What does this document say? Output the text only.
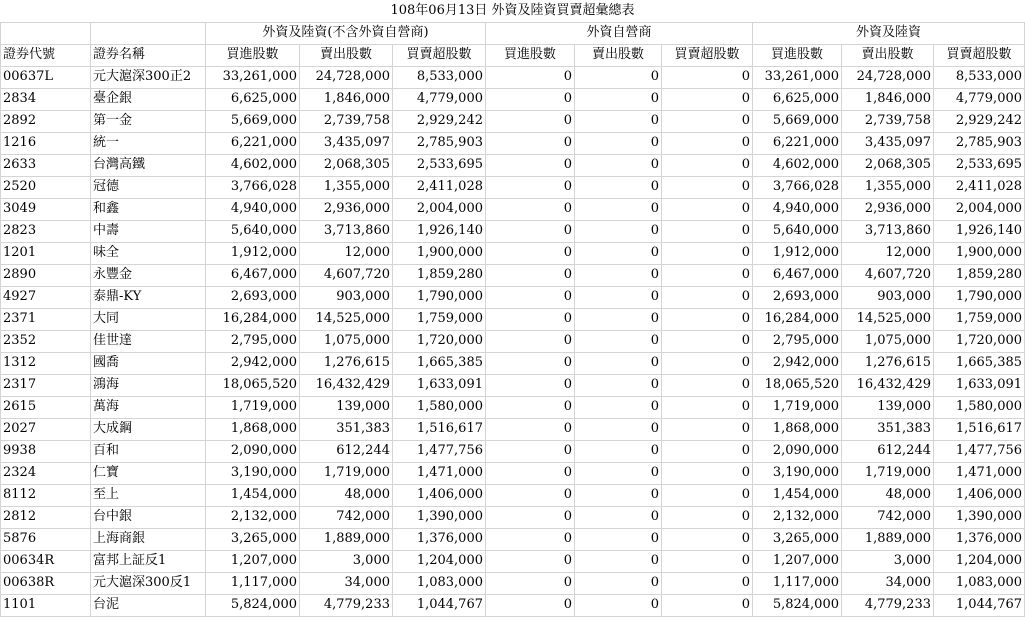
108年06月13日 外資及陸資買賣超彙總表										
		外資及陸資(不含外資自營商)			外資自營商			外資及陸資		
證券代號	證券名稱	買進股數	賣出股數	買賣超股數	買進股數	賣出股數	買賣超股數	買進股數	賣出股數	買賣超股數
00637L	元大滬深300正2	33,261,000	24,728,000	8,533,000	0	0	0	33,261,000	24,728,000	8,533,000
2834	臺企銀	6,625,000	1,846,000	4,779,000	0	0	0	6,625,000	1,846,000	4,779,000
2892	第一金	5,669,000	2,739,758	2,929,242	0	0	0	5,669,000	2,739,758	2,929,242
1216	統一	6,221,000	3,435,097	2,785,903	0	0	0	6,221,000	3,435,097	2,785,903
2633	台灣高鐵	4,602,000	2,068,305	2,533,695	0	0	0	4,602,000	2,068,305	2,533,695
2520	冠德	3,766,028	1,355,000	2,411,028	0	0	0	3,766,028	1,355,000	2,411,028
3049	和鑫	4,940,000	2,936,000	2,004,000	0	0	0	4,940,000	2,936,000	2,004,000
2823	中壽	5,640,000	3,713,860	1,926,140	0	0	0	5,640,000	3,713,860	1,926,140
1201	味全	1,912,000	12,000	1,900,000	0	0	0	1,912,000	12,000	1,900,000
2890	永豐金	6,467,000	4,607,720	1,859,280	0	0	0	6,467,000	4,607,720	1,859,280
4927	泰鼎-KY	2,693,000	903,000	1,790,000	0	0	0	2,693,000	903,000	1,790,000
2371	大同	16,284,000	14,525,000	1,759,000	0	0	0	16,284,000	14,525,000	1,759,000
2352	佳世達	2,795,000	1,075,000	1,720,000	0	0	0	2,795,000	1,075,000	1,720,000
1312	國喬	2,942,000	1,276,615	1,665,385	0	0	0	2,942,000	1,276,615	1,665,385
2317	鴻海	18,065,520	16,432,429	1,633,091	0	0	0	18,065,520	16,432,429	1,633,091
2615	萬海	1,719,000	139,000	1,580,000	0	0	0	1,719,000	139,000	1,580,000
2027	大成鋼	1,868,000	351,383	1,516,617	0	0	0	1,868,000	351,383	1,516,617
9938	百和	2,090,000	612,244	1,477,756	0	0	0	2,090,000	612,244	1,477,756
2324	仁寶	3,190,000	1,719,000	1,471,000	0	0	0	3,190,000	1,719,000	1,471,000
8112	至上	1,454,000	48,000	1,406,000	0	0	0	1,454,000	48,000	1,406,000
2812	台中銀	2,132,000	742,000	1,390,000	0	0	0	2,132,000	742,000	1,390,000
5876	上海商銀	3,265,000	1,889,000	1,376,000	0	0	0	3,265,000	1,889,000	1,376,000
00634R	富邦上証反1	1,207,000	3,000	1,204,000	0	0	0	1,207,000	3,000	1,204,000
00638R	元大滬深300反1	1,117,000	34,000	1,083,000	0	0	0	1,117,000	34,000	1,083,000
1101	台泥	5,824,000	4,779,233	1,044,767	0	0	0	5,824,000	4,779,233	1,044,767
